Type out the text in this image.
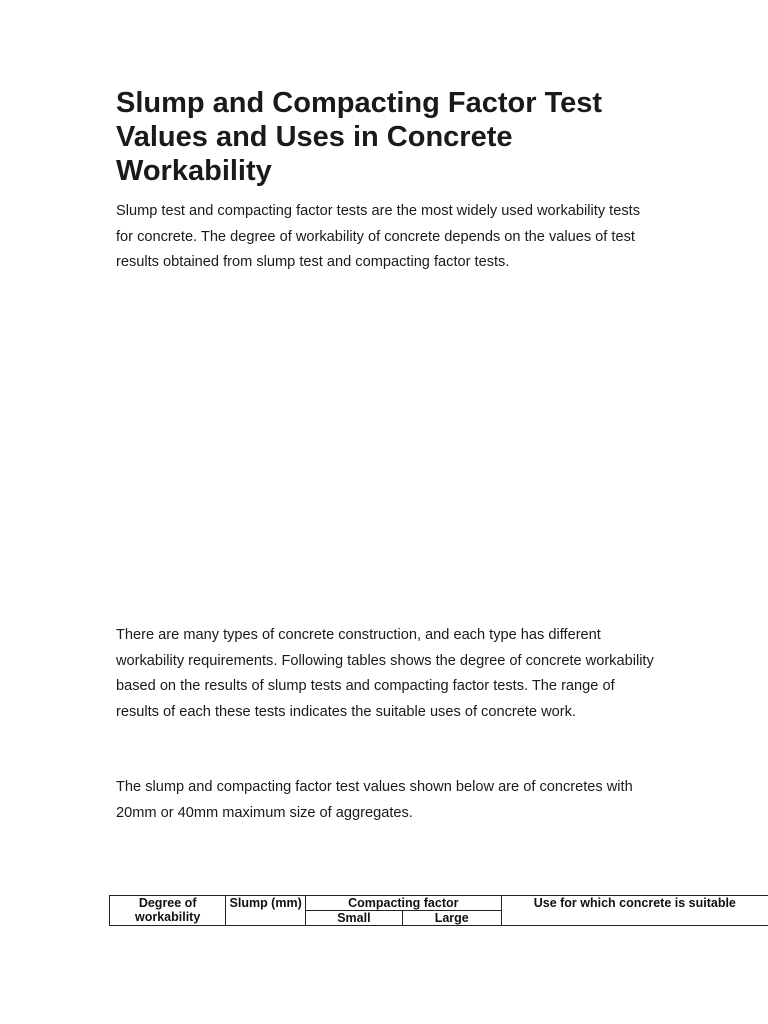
Slump and Compacting Factor Test Values and Uses in Concrete Workability

Slump test and compacting factor tests are the most widely used workability tests for concrete. The degree of workability of concrete depends on the values of test results obtained from slump test and compacting factor tests.

There are many types of concrete construction, and each type has different workability requirements. Following tables shows the degree of concrete workability based on the results of slump tests and compacting factor tests. The range of results of each these tests indicates the suitable uses of concrete work.

The slump and compacting factor test values shown below are of concretes with 20mm or 40mm maximum size of aggregates.

Degree of workability	Slump (mm)	Compacting factor		Use for which concrete is suitable
		Small	Large	
